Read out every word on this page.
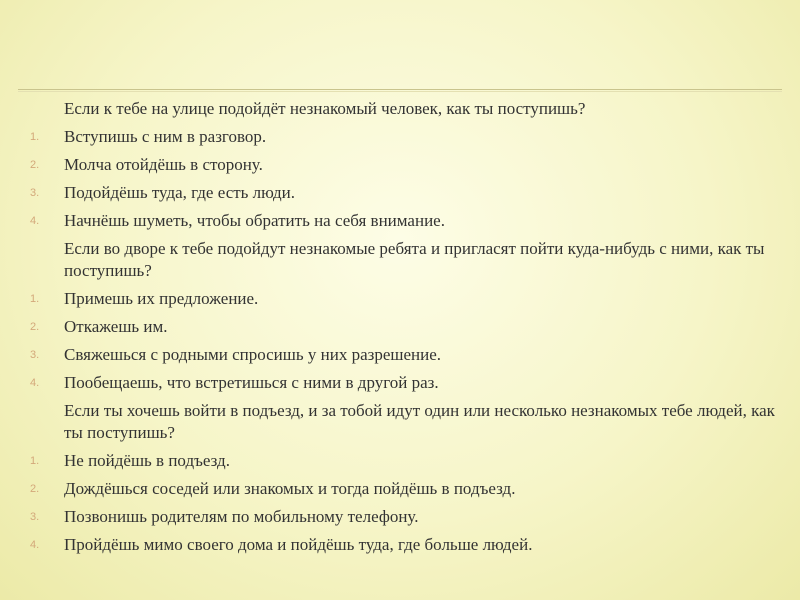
Если к тебе на улице подойдёт незнакомый человек, как ты поступишь?
1.	Вступишь с ним в разговор.
2.	Молча отойдёшь в сторону.
3.	Подойдёшь туда, где есть люди.
4.	Начнёшь шуметь, чтобы обратить на себя внимание.
Если во дворе к тебе подойдут незнакомые ребята и пригласят пойти куда-нибудь с ними, как ты поступишь?
1.	Примешь их предложение.
2.	Откажешь им.
3.	Свяжешься с родными спросишь у них разрешение.
4.	Пообещаешь, что встретишься с ними в другой раз.
Если ты хочешь войти в подъезд, и за тобой идут один или несколько незнакомых тебе людей, как ты поступишь?
1.	Не пойдёшь в подъезд.
2.	Дождёшься соседей или знакомых и тогда пойдёшь в подъезд.
3.	Позвонишь родителям по мобильному телефону.
4.	Пройдёшь мимо своего дома и пойдёшь туда, где больше людей.
